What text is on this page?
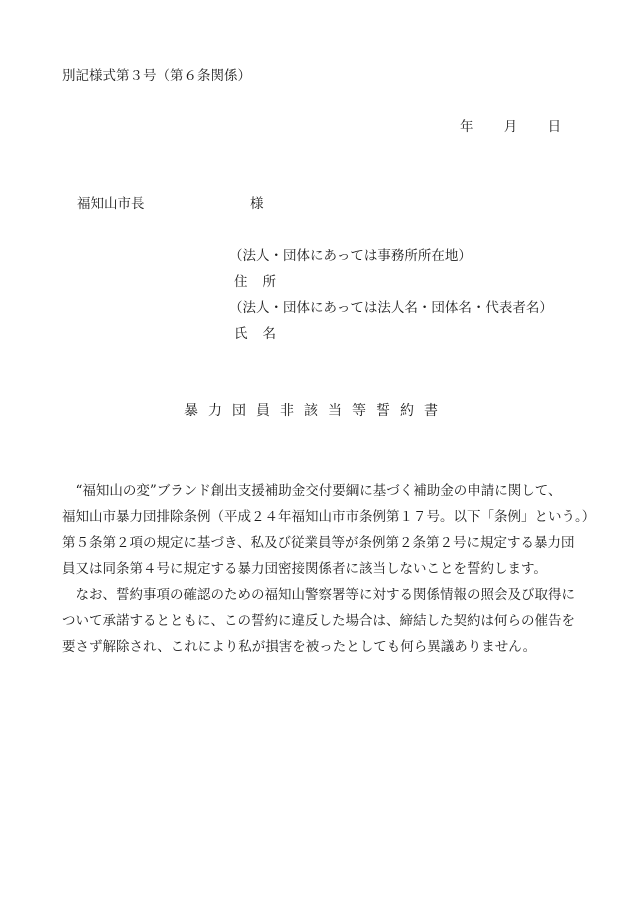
別記様式第３号（第６条関係）
年 月 日
福知山市長	様
（法人・団体にあっては事務所所在地）
住所
（法人・団体にあっては法人名・団体名・代表者名）
氏名
暴力団員非該当等誓約書

　“福知山の変”ブランド創出支援補助金交付要綱に基づく補助金の申請に関して、

福知山市暴力団排除条例（平成２４年福知山市市条例第１７号。以下「条例」という。）

第５条第２項の規定に基づき、私及び従業員等が条例第２条第２号に規定する暴力団

員又は同条第４号に規定する暴力団密接関係者に該当しないことを誓約します。

　なお、誓約事項の確認のための福知山警察署等に対する関係情報の照会及び取得に

ついて承諾するとともに、この誓約に違反した場合は、締結した契約は何らの催告を

要さず解除され、これにより私が損害を被ったとしても何ら異議ありません。
